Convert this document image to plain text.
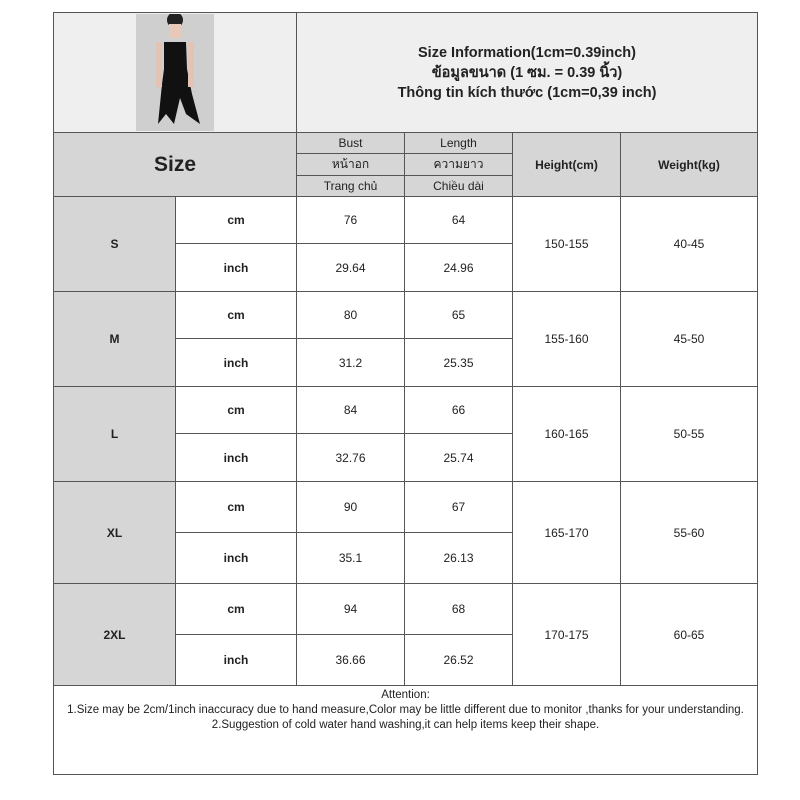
Size Information(1cm=0.39inch)
ข้อมูลขนาด (1 ซม. = 0.39 นิ้ว)
Thông tin kích thước (1cm=0,39 inch)			

Size		Bust	Length	Height(cm)	Weight(kg)
		หน้าอก	ความยาว		
		Trang chủ	Chiều dài		
S	cm	76	64	150-155	40-45
	inch	29.64	24.96		
M	cm	80	65	155-160	45-50
	inch	31.2	25.35		
L	cm	84	66	160-165	50-55
	inch	32.76	25.74		
XL	cm	90	67	165-170	55-60
	inch	35.1	26.13		
2XL	cm	94	68	170-175	60-65
	inch	36.66	26.52		

Attention:
1.Size may be 2cm/1inch inaccuracy due to hand measure,Color may be little different due to monitor ,thanks for your understanding.
2.Suggestion of cold water hand washing,it can help items keep their shape.					
